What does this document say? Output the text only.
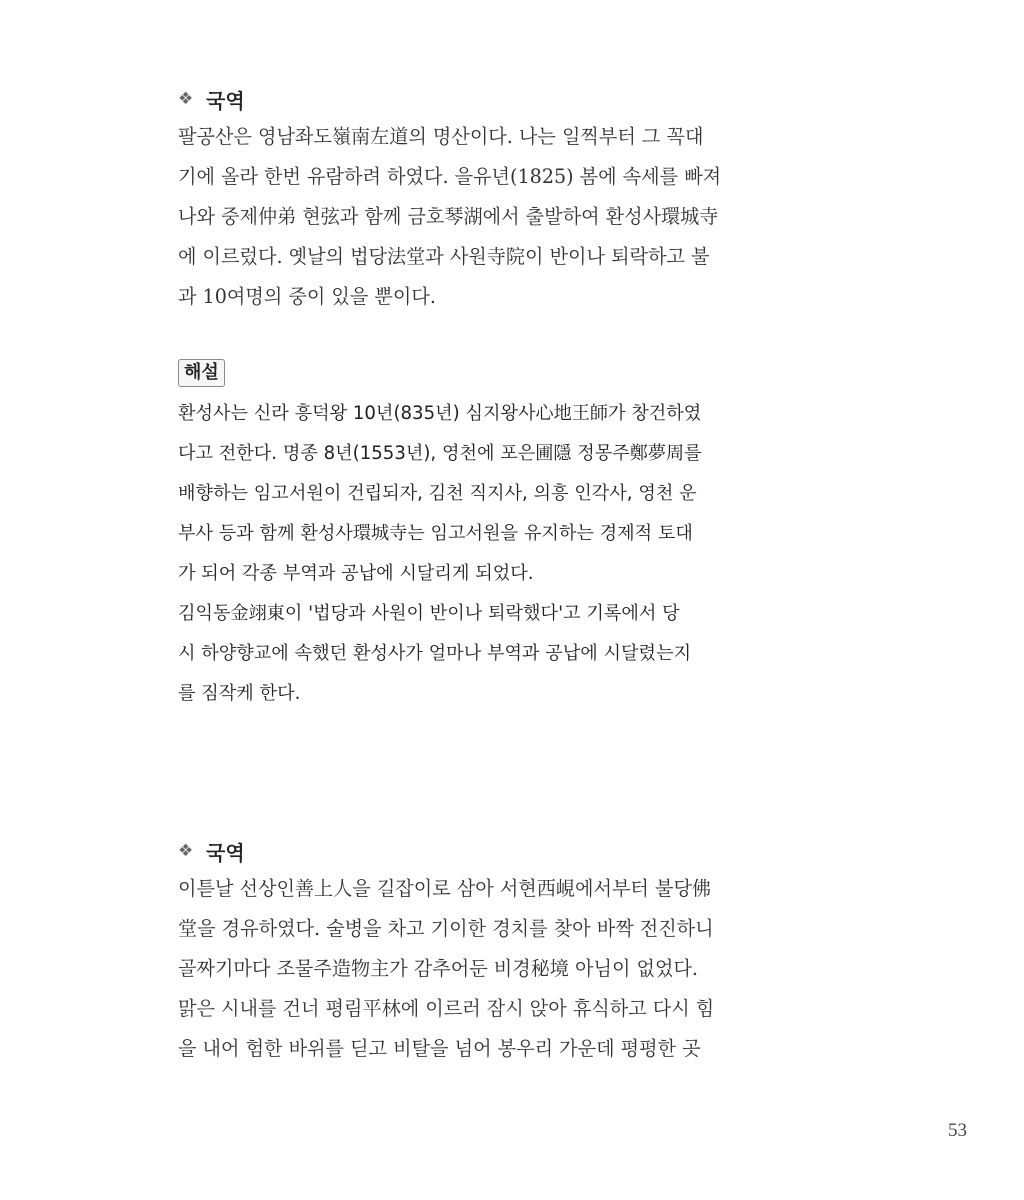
❖ 국역
팔공산은 영남좌도嶺南左道의 명산이다. 나는 일찍부터 그 꼭대 기에 올라 한번 유람하려 하였다. 을유년(1825) 봄에 속세를 빠져 나와 중제仲弟 현弦과 함께 금호琴湖에서 출발하여 환성사環城寺 에 이르렀다. 옛날의 법당法堂과 사원寺院이 반이나 퇴락하고 불 과 10여명의 중이 있을 뿐이다.
해설
환성사는 신라 흥덕왕 10년(835년) 심지왕사心地王師가 창건하였 다고 전한다. 명종 8년(1553년), 영천에 포은圃隱 정몽주鄭夢周를 배향하는 임고서원이 건립되자, 김천 직지사, 의흥 인각사, 영천 운 부사 등과 함께 환성사環城寺는 임고서원을 유지하는 경제적 토대 가 되어 각종 부역과 공납에 시달리게 되었다. 김익동金翊東이 '법당과 사원이 반이나 퇴락했다'고 기록에서 당 시 하양향교에 속했던 환성사가 얼마나 부역과 공납에 시달렸는지 를 짐작케 한다.
❖ 국역
이튿날 선상인善上人을 길잡이로 삼아 서현西峴에서부터 불당佛 堂을 경유하였다. 술병을 차고 기이한 경치를 찾아 바짝 전진하니 골짜기마다 조물주造物主가 감추어둔 비경秘境 아님이 없었다. 맑은 시내를 건너 평림平林에 이르러 잠시 앉아 휴식하고 다시 힘 을 내어 험한 바위를 딛고 비탈을 넘어 봉우리 가운데 평평한 곳
53
